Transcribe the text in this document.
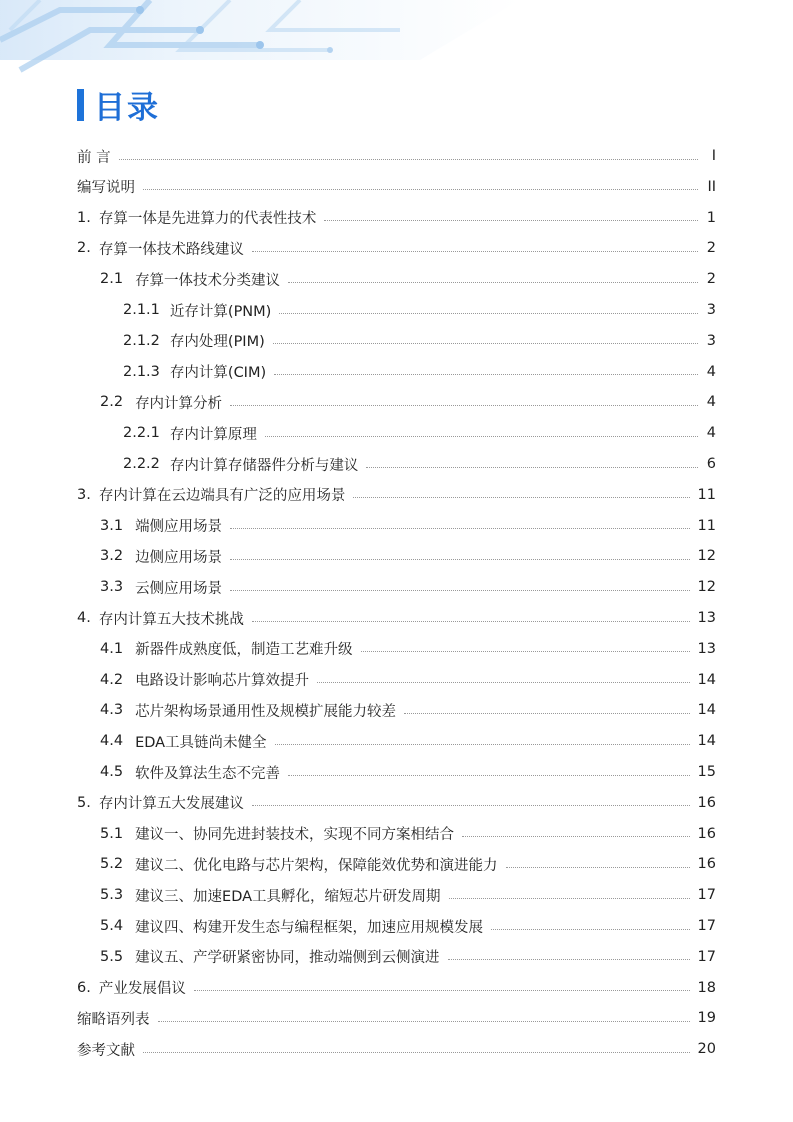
目录
前 言	I
编写说明	II
1. 存算一体是先进算力的代表性技术	1
2. 存算一体技术路线建议	2
2.1 存算一体技术分类建议	2
2.1.1 近存计算(PNM)	3
2.1.2 存内处理(PIM)	3
2.1.3 存内计算(CIM)	4
2.2 存内计算分析	4
2.2.1 存内计算原理	4
2.2.2 存内计算存储器件分析与建议	6
3. 存内计算在云边端具有广泛的应用场景	11
3.1 端侧应用场景	11
3.2 边侧应用场景	12
3.3 云侧应用场景	12
4. 存内计算五大技术挑战	13
4.1 新器件成熟度低，制造工艺难升级	13
4.2 电路设计影响芯片算效提升	14
4.3 芯片架构场景通用性及规模扩展能力较差	14
4.4 EDA工具链尚未健全	14
4.5 软件及算法生态不完善	15
5. 存内计算五大发展建议	16
5.1 建议一、协同先进封装技术，实现不同方案相结合	16
5.2 建议二、优化电路与芯片架构，保障能效优势和演进能力	16
5.3 建议三、加速EDA工具孵化，缩短芯片研发周期	17
5.4 建议四、构建开发生态与编程框架，加速应用规模发展	17
5.5 建议五、产学研紧密协同，推动端侧到云侧演进	17
6. 产业发展倡议	18
缩略语列表	19
参考文献	20
